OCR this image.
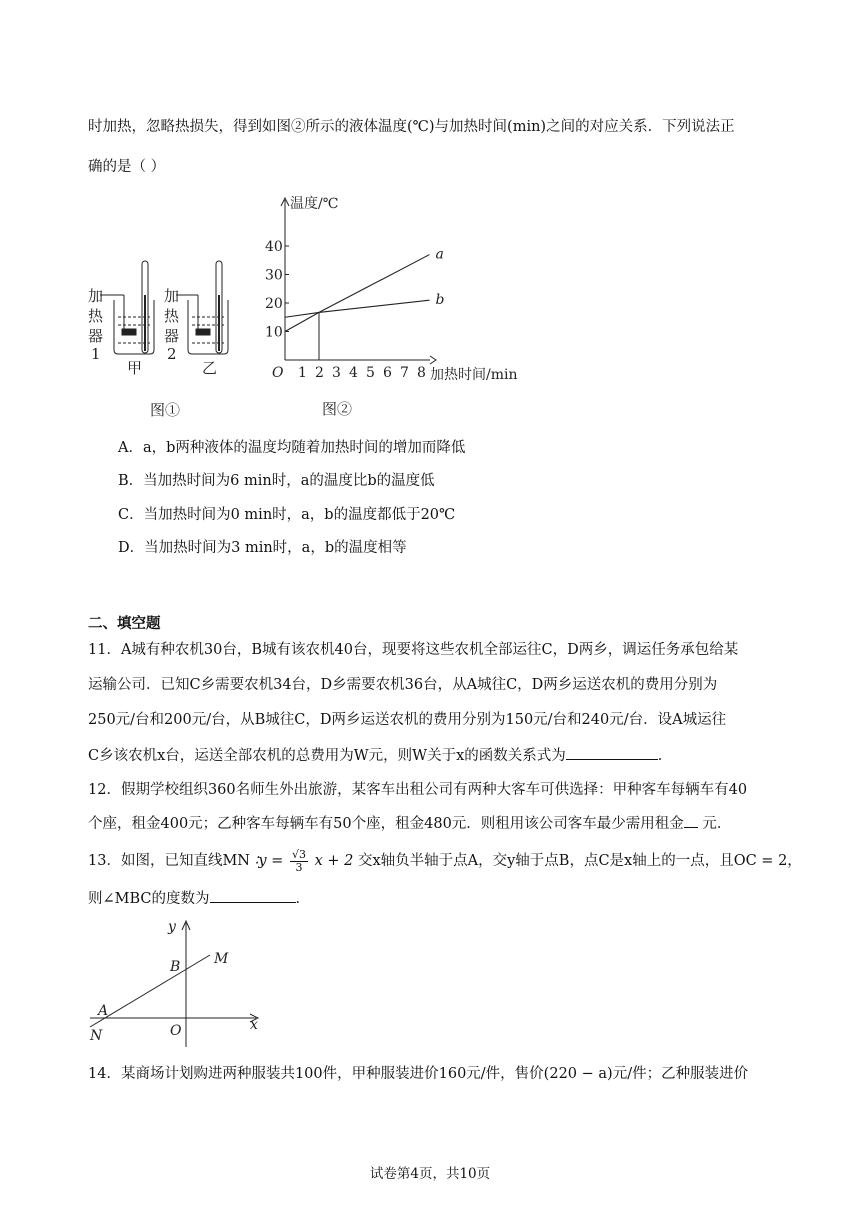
时加热，忽略热损失，得到如图②所示的液体温度(℃)与加热时间(min)之间的对应关系．下列说法正
确的是（ ）
加
热
器
1
加
热
器
2
甲	乙
图①
10
20
30
40
1 2 3 4 5 6 7 8
a
b
温度/℃
加热时间/min
O
图②
A．a，b两种液体的温度均随着加热时间的增加而降低
B．当加热时间为6 min时，a的温度比b的温度低
C．当加热时间为0 min时，a，b的温度都低于20℃
D．当加热时间为3 min时，a，b的温度相等
二、填空题
11．A城有种农机30台，B城有该农机40台，现要将这些农机全部运往C，D两乡，调运任务承包给某
运输公司．已知C乡需要农机34台，D乡需要农机36台，从A城往C，D两乡运送农机的费用分别为
250元/台和200元/台，从B城往C，D两乡运送农机的费用分别为150元/台和240元/台．设A城运往
C乡该农机x台，运送全部农机的总费用为W元，则W关于x的函数关系式为	．
12．假期学校组织360名师生外出旅游，某客车出租公司有两种大客车可供选择：甲种客车每辆车有40
个座，租金400元；乙种客车每辆车有50个座，租金480元．则租用该公司客车最少需用租金 元．
13．如图，已知直线MN ∶y = $\frac{√3}{3}$ x + 2 交x轴负半轴于点A，交y轴于点B，点C是x轴上的一点，且OC = 2，
则∠MBC的度数为	．
y
x
B M
A
N	O
14．某商场计划购进两种服装共100件，甲种服装进价160元/件，售价(220 − a)元/件；乙种服装进价
试卷第4页，共10页
